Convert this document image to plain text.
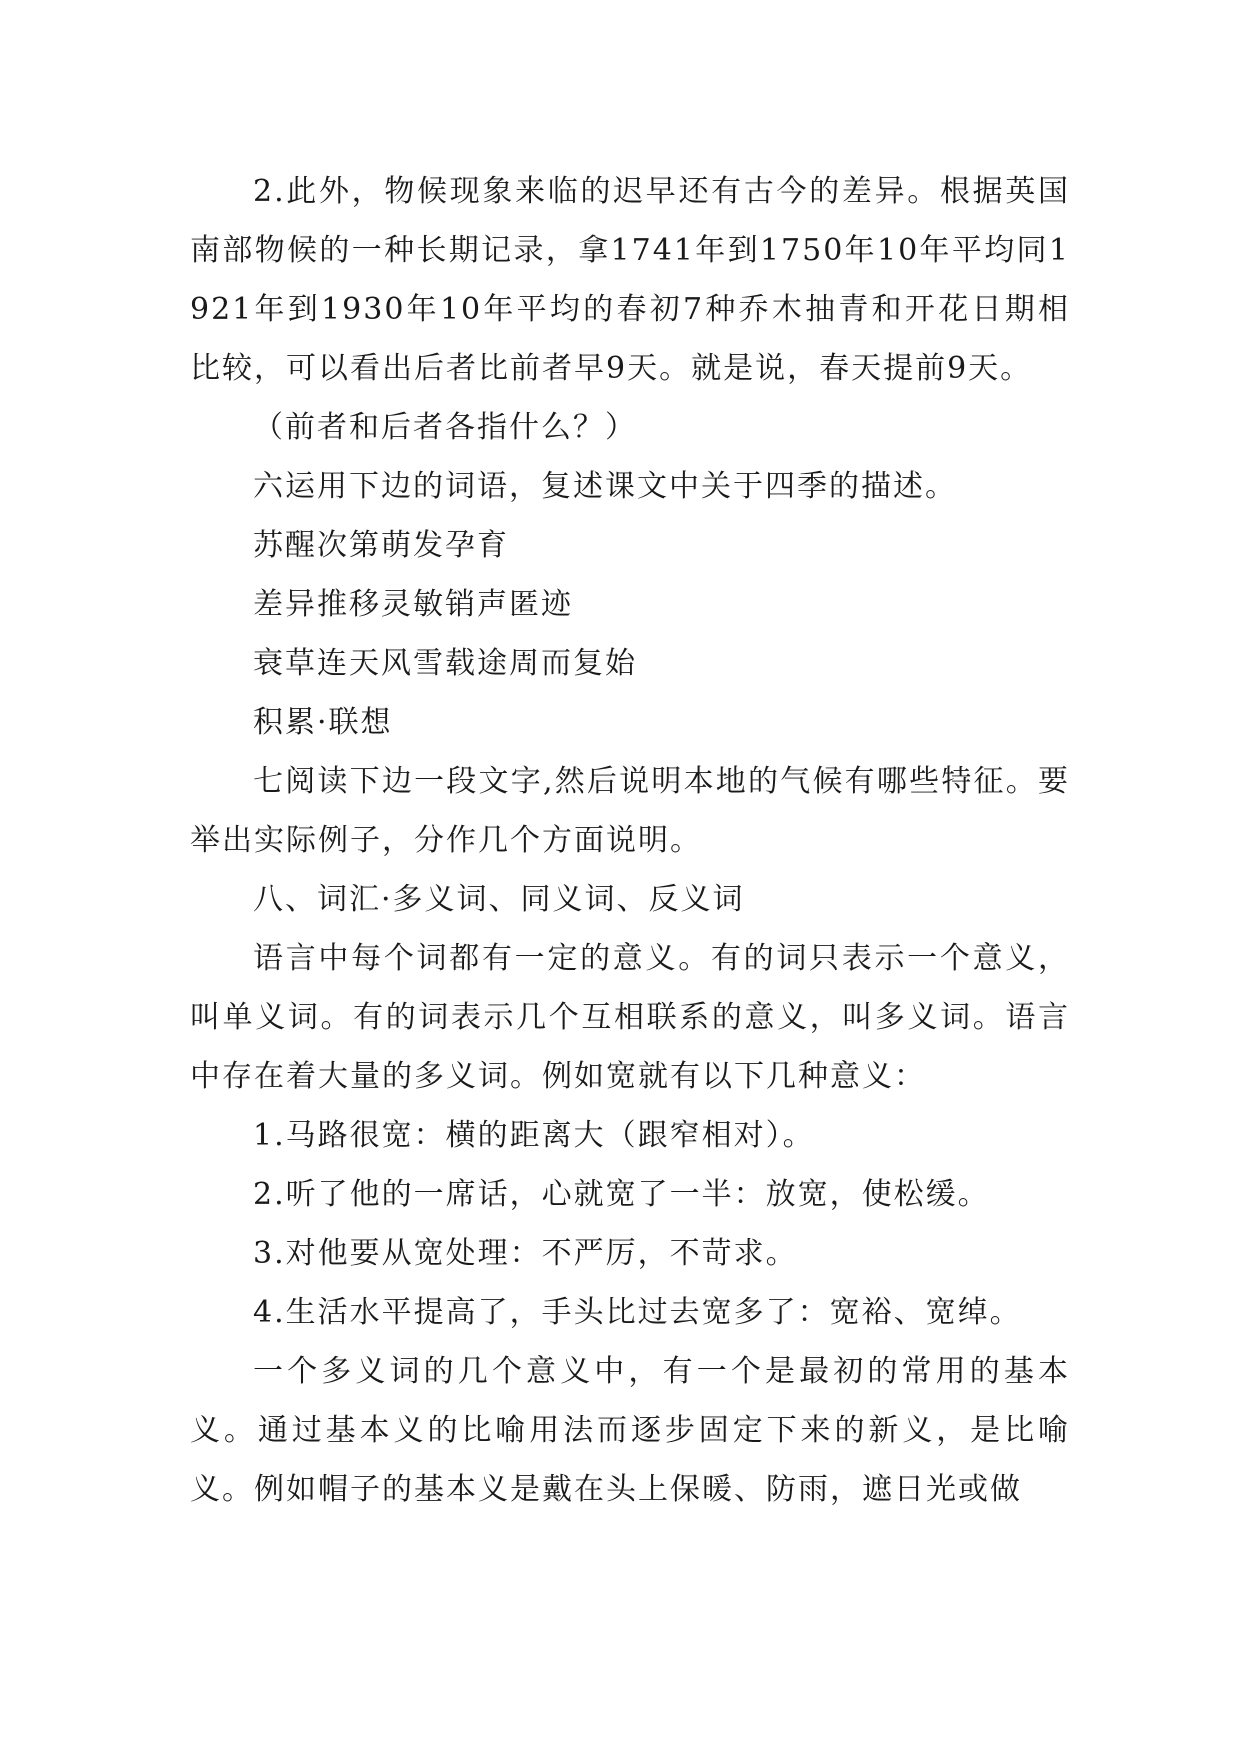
2.此外，物候现象来临的迟早还有古今的差异。根据英国南部物候的一种长期记录，拿1741年到1750年10年平均同1921年到1930年10年平均的春初7种乔木抽青和开花日期相比较，可以看出后者比前者早9天。就是说，春天提前9天。

（前者和后者各指什么？）

六运用下边的词语，复述课文中关于四季的描述。

苏醒次第萌发孕育

差异推移灵敏销声匿迹

衰草连天风雪载途周而复始

积累·联想

七阅读下边一段文字,然后说明本地的气候有哪些特征。要举出实际例子，分作几个方面说明。

八、词汇·多义词、同义词、反义词

语言中每个词都有一定的意义。有的词只表示一个意义，叫单义词。有的词表示几个互相联系的意义，叫多义词。语言中存在着大量的多义词。例如宽就有以下几种意义：

1.马路很宽：横的距离大（跟窄相对）。

2.听了他的一席话，心就宽了一半：放宽，使松缓。

3.对他要从宽处理：不严厉，不苛求。

4.生活水平提高了，手头比过去宽多了：宽裕、宽绰。

一个多义词的几个意义中，有一个是最初的常用的基本义。通过基本义的比喻用法而逐步固定下来的新义，是比喻义。例如帽子的基本义是戴在头上保暖、防雨，遮日光或做
